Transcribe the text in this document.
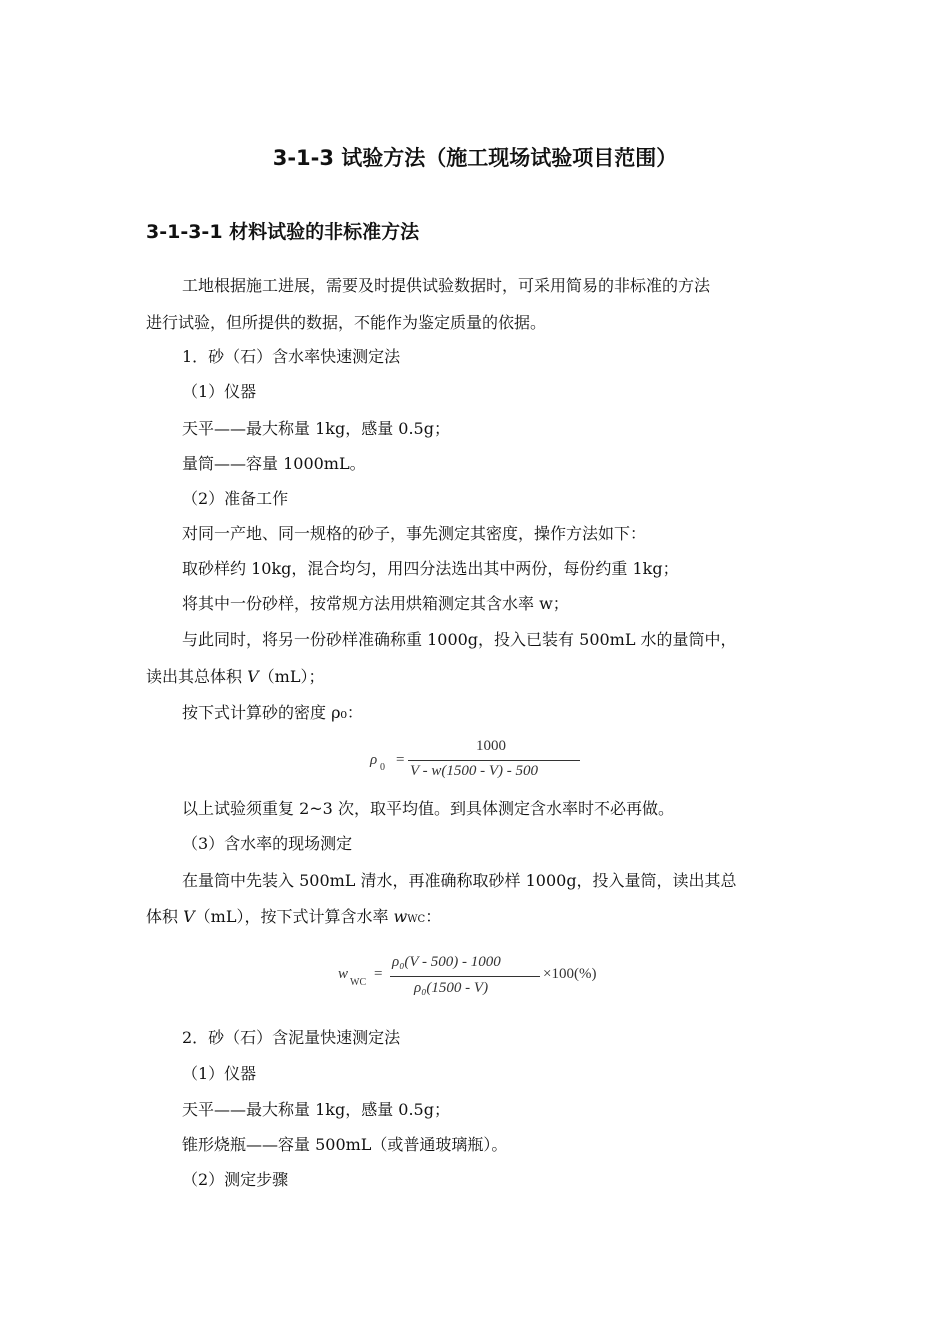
3-1-3 试验方法（施工现场试验项目范围）
3-1-3-1 材料试验的非标准方法

工地根据施工进展，需要及时提供试验数据时，可采用简易的非标准的方法

进行试验，但所提供的数据，不能作为鉴定质量的依据。

1．砂（石）含水率快速测定法

（1）仪器

天平——最大称量 1kg，感量 0.5g；

量筒——容量 1000mL。

（2）准备工作

对同一产地、同一规格的砂子，事先测定其密度，操作方法如下：

取砂样约 10kg，混合均匀，用四分法选出其中两份，每份约重 1kg；

将其中一份砂样，按常规方法用烘箱测定其含水率 w；

与此同时，将另一份砂样准确称重 1000g，投入已装有 500mL 水的量筒中，

读出其总体积 V（mL）；

按下式计算砂的密度 ρ₀：

ρ 0 =
1000
V - w(1500 - V) - 500

以上试验须重复 2~3 次，取平均值。到具体测定含水率时不必再做。

（3）含水率的现场测定

在量筒中先装入 500mL 清水，再准确称取砂样 1000g，投入量筒，读出其总

体积 V（mL），按下式计算含水率 wWC：

w
WC
=
ρ₀(V - 500) - 1000
ρ₀(1500 - V)
×100(%)

2．砂（石）含泥量快速测定法

（1）仪器

天平——最大称量 1kg，感量 0.5g；

锥形烧瓶——容量 500mL（或普通玻璃瓶）。

（2）测定步骤
